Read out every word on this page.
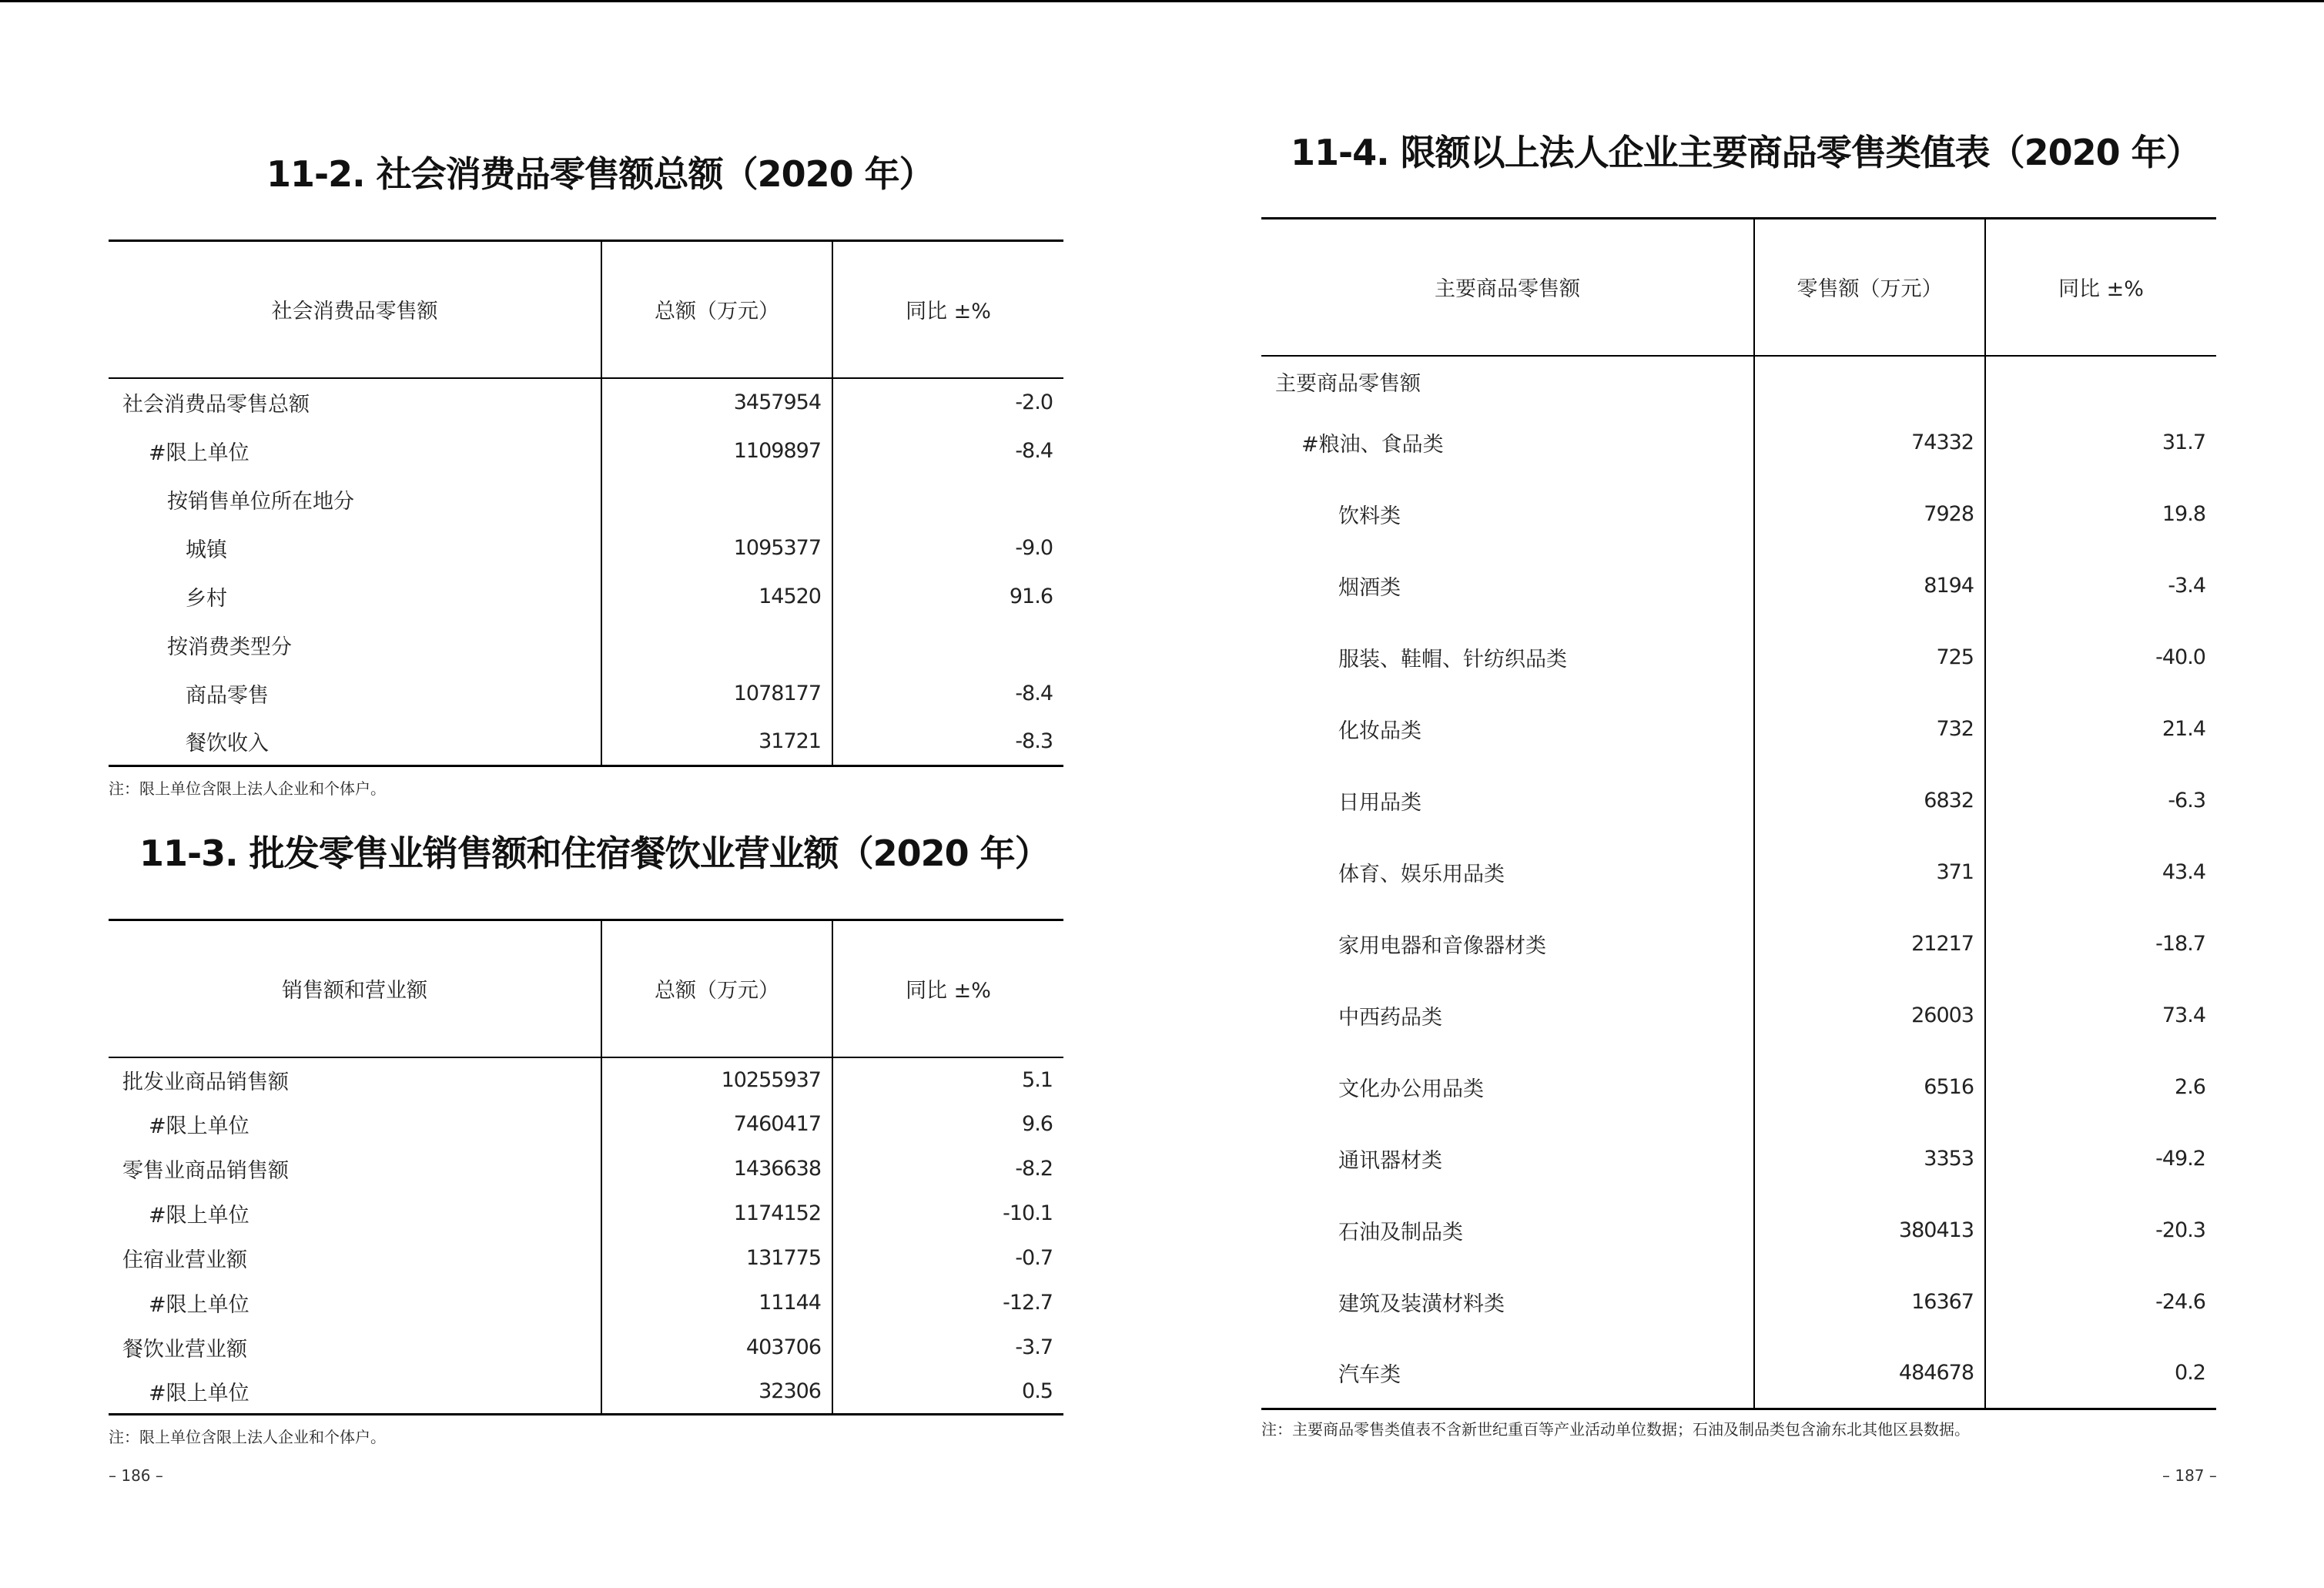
11-2. 社会消费品零售额总额（2020 年）
社会消费品零售额	总额（万元）	同比 ±%
社会消费品零售总额	3457954	-2.0
#限上单位	1109897	-8.4
按销售单位所在地分		
城镇	1095377	-9.0
乡村	14520	91.6
按消费类型分		
商品零售	1078177	-8.4
餐饮收入	31721	-8.3

注：限上单位含限上法人企业和个体户。

11-3. 批发零售业销售额和住宿餐饮业营业额（2020 年）
销售额和营业额	总额（万元）	同比 ±%
批发业商品销售额	10255937	5.1
#限上单位	7460417	9.6
零售业商品销售额	1436638	-8.2
#限上单位	1174152	-10.1
住宿业营业额	131775	-0.7
#限上单位	11144	-12.7
餐饮业营业额	403706	-3.7
#限上单位	32306	0.5

注：限上单位含限上法人企业和个体户。

– 186 –

11-4. 限额以上法人企业主要商品零售类值表（2020 年）
主要商品零售额	零售额（万元）	同比 ±%
主要商品零售额		
#粮油、食品类	74332	31.7
饮料类	7928	19.8
烟酒类	8194	-3.4
服装、鞋帽、针纺织品类	725	-40.0
化妆品类	732	21.4
日用品类	6832	-6.3
体育、娱乐用品类	371	43.4
家用电器和音像器材类	21217	-18.7
中西药品类	26003	73.4
文化办公用品类	6516	2.6
通讯器材类	3353	-49.2
石油及制品类	380413	-20.3
建筑及装潢材料类	16367	-24.6
汽车类	484678	0.2

注：主要商品零售类值表不含新世纪重百等产业活动单位数据；石油及制品类包含渝东北其他区县数据。

– 187 –
